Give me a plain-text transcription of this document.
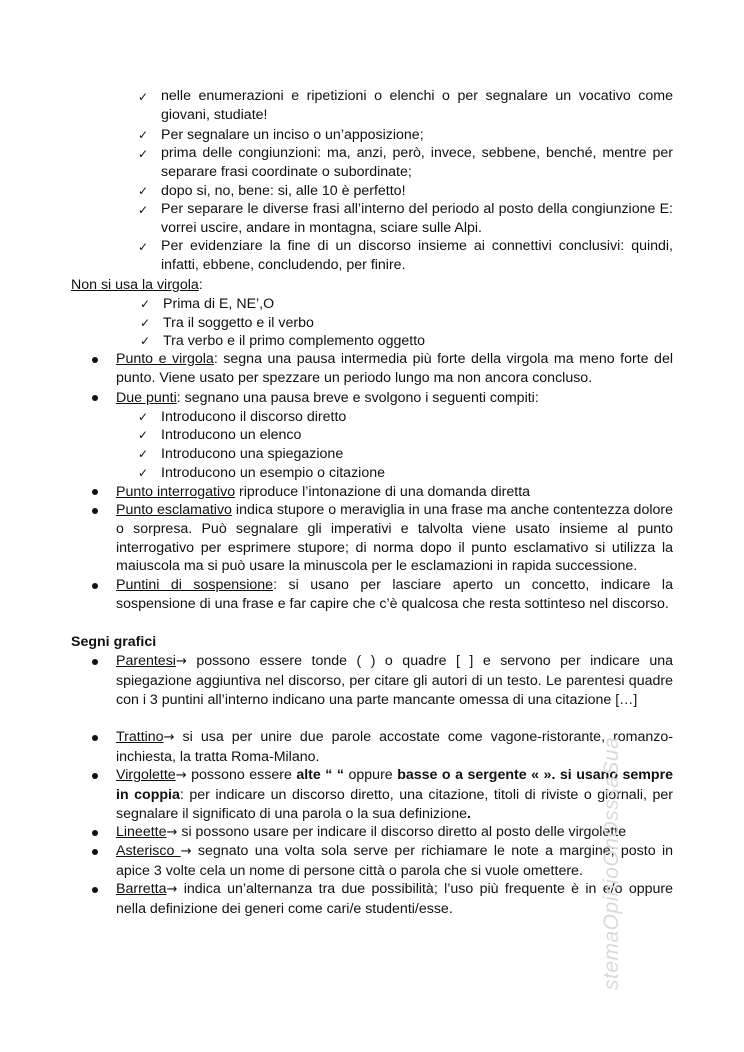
✓ nelle enumerazioni e ripetizioni o elenchi o per segnalare un vocativo come giovani, studiate!
✓ Per segnalare un inciso o un’apposizione;
✓ prima delle congiunzioni: ma, anzi, però, invece, sebbene, benché, mentre per separare frasi coordinate o subordinate;
✓ dopo si, no, bene: si, alle 10 è perfetto!
✓ Per separare le diverse frasi all’interno del periodo al posto della congiunzione E: vorrei uscire, andare in montagna, sciare sulle Alpi.
✓ Per evidenziare la fine di un discorso insieme ai connettivi conclusivi: quindi, infatti, ebbene, concludendo, per finire.
Non si usa la virgola:
✓ Prima di E, NE’,O
✓ Tra il soggetto e il verbo
✓ Tra verbo e il primo complemento oggetto
Punto e virgola: segna una pausa intermedia più forte della virgola ma meno forte del punto. Viene usato per spezzare un periodo lungo ma non ancora concluso.
Due punti: segnano una pausa breve e svolgono i seguenti compiti:
✓ Introducono il discorso diretto
✓ Introducono un elenco
✓ Introducono una spiegazione
✓ Introducono un esempio o citazione
Punto interrogativo riproduce l’intonazione di una domanda diretta
Punto esclamativo indica stupore o meraviglia in una frase ma anche contentezza dolore o sorpresa. Può segnalare gli imperativi e talvolta viene usato insieme al punto interrogativo per esprimere stupore; di norma dopo il punto esclamativo si utilizza la maiuscola ma si può usare la minuscola per le esclamazioni in rapida successione.
Puntini di sospensione: si usano per lasciare aperto un concetto, indicare la sospensione di una frase e far capire che c’è qualcosa che resta sottinteso nel discorso.
Segni grafici
Parentesi→ possono essere tonde ( ) o quadre [ ] e servono per indicare una spiegazione aggiuntiva nel discorso, per citare gli autori di un testo. Le parentesi quadre con i 3 puntini all’interno indicano una parte mancante omessa di una citazione […]
Trattino→ si usa per unire due parole accostate come vagone-ristorante, romanzo-inchiesta, la tratta Roma-Milano.
Virgolette→ possono essere alte “ “ oppure basse o a sergente « ». si usano sempre in coppia: per indicare un discorso diretto, una citazione, titoli di riviste o giornali, per segnalare il significato di una parola o la sua definizione.
Lineette→ si possono usare per indicare il discorso diretto al posto delle virgolette
Asterisco → segnato una volta sola serve per richiamare le note a margine; posto in apice 3 volte cela un nome di persone città o parola che si vuole omettere.
Barretta→ indica un’alternanza tra due possibilità; l’uso più frequente è in e/o oppure nella definizione dei generi come cari/e studenti/esse.	stemaOpinioOnOsssaSua
